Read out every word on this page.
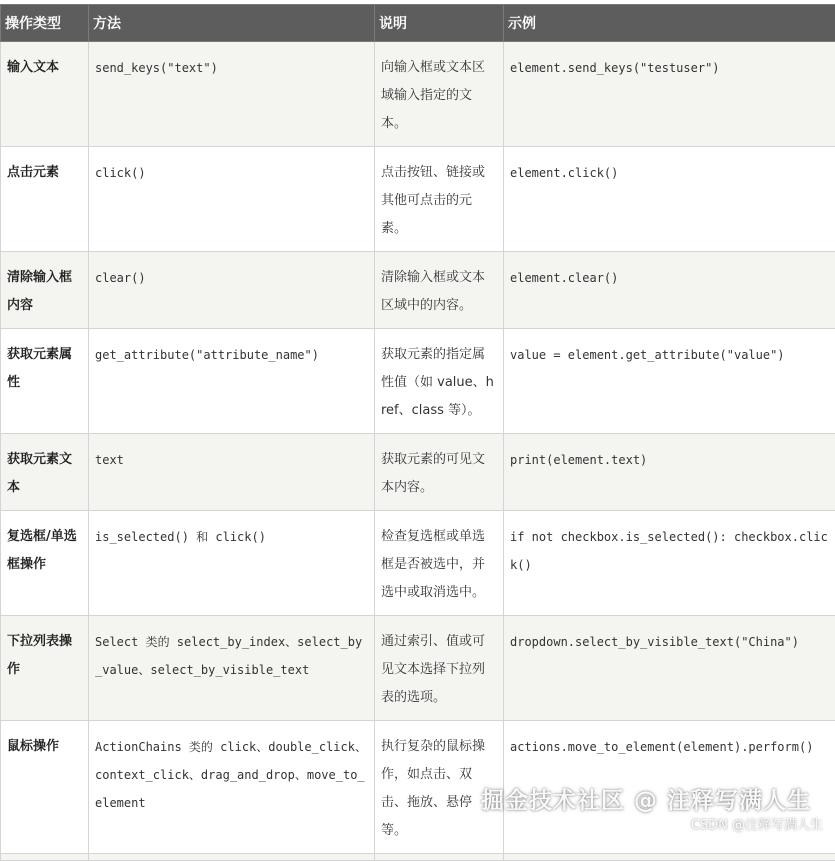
操作类型	方法	说明	示例
输入文本	send_keys("text")	向输入框或文本区域输入指定的文本。	element.send_keys("testuser")
点击元素	click()	点击按钮、链接或其他可点击的元素。	element.click()
清除输入框内容	clear()	清除输入框或文本区域中的内容。	element.clear()
获取元素属性	get_attribute("attribute_name")	获取元素的指定属性值（如 value、href、class 等）。	value = element.get_attribute("value")
获取元素文本	text	获取元素的可见文本内容。	print(element.text)
复选框/单选框操作	is_selected() 和 click()	检查复选框或单选框是否被选中，并选中或取消选中。	if not checkbox.is_selected(): checkbox.click()
下拉列表操作	Select 类的 select_by_index、select_by_value、select_by_visible_text	通过索引、值或可见文本选择下拉列表的选项。	dropdown.select_by_visible_text("China")
鼠标操作	ActionChains 类的 click、double_click、context_click、drag_and_drop、move_to_element	执行复杂的鼠标操作，如点击、双击、拖放、悬停等。	actions.move_to_element(element).perform()

掘金技术社区 @ 注释写满人生
CSDN @注释写满人生
